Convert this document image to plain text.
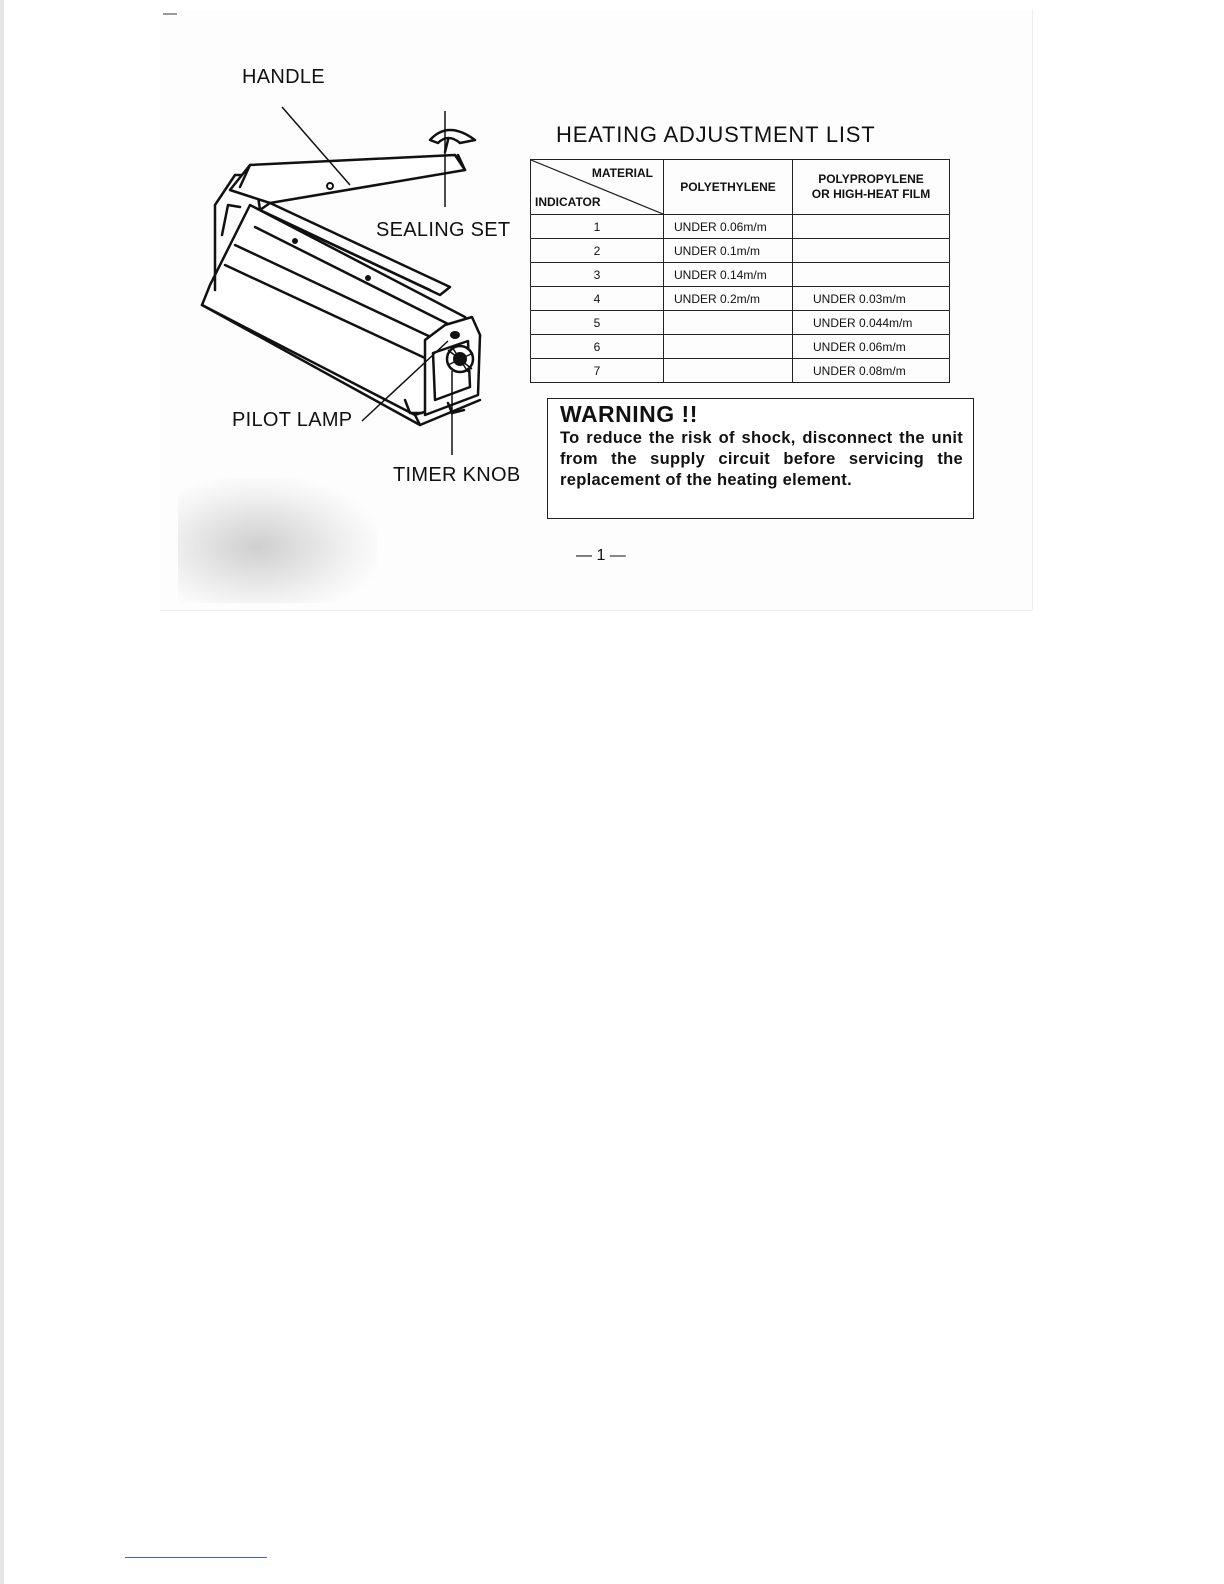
HANDLE
SEALING SET
PILOT LAMP
TIMER KNOB
HEATING ADJUSTMENT LIST
MATERIAL
INDICATOR	POLYETHYLENE	POLYPROPYLENE
OR HIGH-HEAT FILM
1	UNDER 0.06m/m	
2	UNDER 0.1m/m	
3	UNDER 0.14m/m	
4	UNDER 0.2m/m	UNDER 0.03m/m
5		UNDER 0.044m/m
6		UNDER 0.06m/m
7		UNDER 0.08m/m
WARNING !!
To reduce the risk of shock, disconnect the unit from the supply circuit before servicing the replacement of the heating element.
— 1 —
